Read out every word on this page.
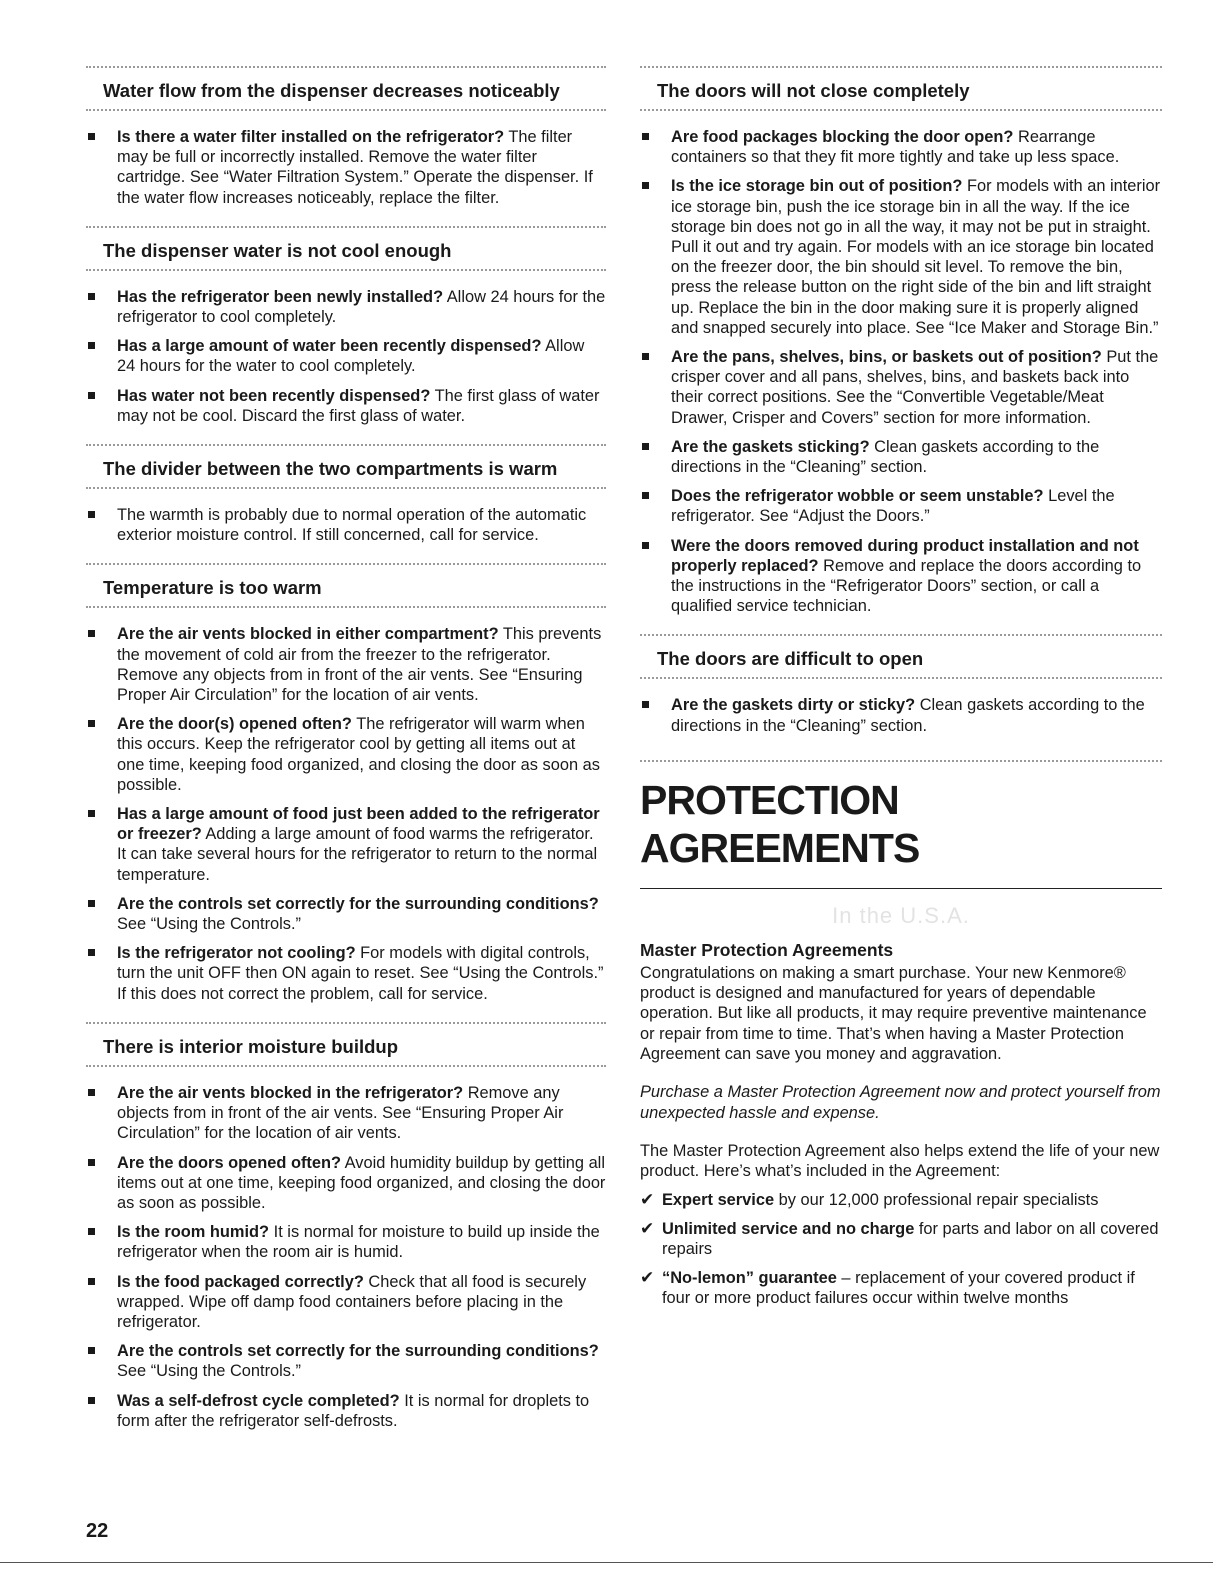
Water flow from the dispenser decreases noticeably
Is there a water filter installed on the refrigerator? The filter may be full or incorrectly installed. Remove the water filter cartridge. See “Water Filtration System.” Operate the dispenser. If the water flow increases noticeably, replace the filter.
The dispenser water is not cool enough
Has the refrigerator been newly installed? Allow 24 hours for the refrigerator to cool completely.
Has a large amount of water been recently dispensed? Allow 24 hours for the water to cool completely.
Has water not been recently dispensed? The first glass of water may not be cool. Discard the first glass of water.
The divider between the two compartments is warm
The warmth is probably due to normal operation of the automatic exterior moisture control. If still concerned, call for service.
Temperature is too warm
Are the air vents blocked in either compartment? This prevents the movement of cold air from the freezer to the refrigerator. Remove any objects from in front of the air vents. See “Ensuring Proper Air Circulation” for the location of air vents.
Are the door(s) opened often? The refrigerator will warm when this occurs. Keep the refrigerator cool by getting all items out at one time, keeping food organized, and closing the door as soon as possible.
Has a large amount of food just been added to the refrigerator or freezer? Adding a large amount of food warms the refrigerator. It can take several hours for the refrigerator to return to the normal temperature.
Are the controls set correctly for the surrounding conditions? See “Using the Controls.”
Is the refrigerator not cooling? For models with digital controls, turn the unit OFF then ON again to reset. See “Using the Controls.” If this does not correct the problem, call for service.
There is interior moisture buildup
Are the air vents blocked in the refrigerator? Remove any objects from in front of the air vents. See “Ensuring Proper Air Circulation” for the location of air vents.
Are the doors opened often? Avoid humidity buildup by getting all items out at one time, keeping food organized, and closing the door as soon as possible.
Is the room humid? It is normal for moisture to build up inside the refrigerator when the room air is humid.
Is the food packaged correctly? Check that all food is securely wrapped. Wipe off damp food containers before placing in the refrigerator.
Are the controls set correctly for the surrounding conditions? See “Using the Controls.”
Was a self-defrost cycle completed? It is normal for droplets to form after the refrigerator self-defrosts.
The doors will not close completely
Are food packages blocking the door open? Rearrange containers so that they fit more tightly and take up less space.
Is the ice storage bin out of position? For models with an interior ice storage bin, push the ice storage bin in all the way. If the ice storage bin does not go in all the way, it may not be put in straight. Pull it out and try again. For models with an ice storage bin located on the freezer door, the bin should sit level. To remove the bin, press the release button on the right side of the bin and lift straight up. Replace the bin in the door making sure it is properly aligned and snapped securely into place. See “Ice Maker and Storage Bin.”
Are the pans, shelves, bins, or baskets out of position? Put the crisper cover and all pans, shelves, bins, and baskets back into their correct positions. See the “Convertible Vegetable/Meat Drawer, Crisper and Covers” section for more information.
Are the gaskets sticking? Clean gaskets according to the directions in the “Cleaning” section.
Does the refrigerator wobble or seem unstable? Level the refrigerator. See “Adjust the Doors.”
Were the doors removed during product installation and not properly replaced? Remove and replace the doors according to the instructions in the “Refrigerator Doors” section, or call a qualified service technician.
The doors are difficult to open
Are the gaskets dirty or sticky? Clean gaskets according to the directions in the “Cleaning” section.
PROTECTION AGREEMENTS
In the U.S.A.
Master Protection Agreements
Congratulations on making a smart purchase. Your new Kenmore® product is designed and manufactured for years of dependable operation. But like all products, it may require preventive maintenance or repair from time to time. That’s when having a Master Protection Agreement can save you money and aggravation.
Purchase a Master Protection Agreement now and protect yourself from unexpected hassle and expense.
The Master Protection Agreement also helps extend the life of your new product. Here’s what’s included in the Agreement:
✔ Expert service by our 12,000 professional repair specialists
✔ Unlimited service and no charge for parts and labor on all covered repairs
✔ “No-lemon” guarantee – replacement of your covered product if four or more product failures occur within twelve months
22
